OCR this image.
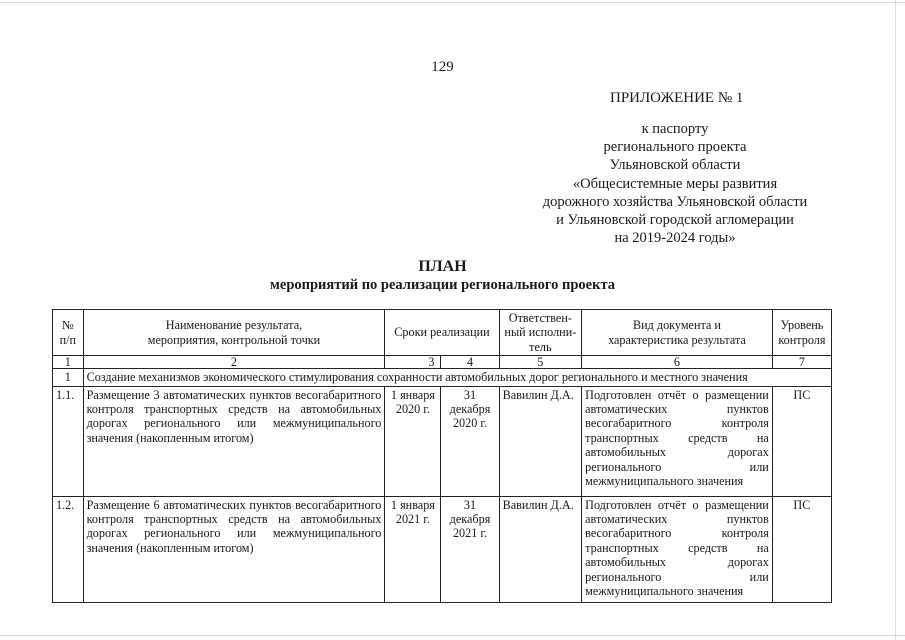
129
ПРИЛОЖЕНИЕ № 1
к паспорту
регионального проекта
Ульяновской области
«Общесистемные меры развития
дорожного хозяйства Ульяновской области
и Ульяновской городской агломерации
на 2019-2024 годы»
ПЛАН
мероприятий по реализации регионального проекта
№ п/п	Наименование результата, мероприятия, контрольной точки	Сроки реализации		Ответствен-ный исполни-тель	Вид документа и характеристика результата	Уровень контроля
1	2	3	4	5	6	7
1	Создание механизмов экономического стимулирования сохранности автомобильных дорог регионального и местного значения					
1.1.	Размещение 3 автоматических пунктов весогабаритного контроля транспортных средств на автомобильных дорогах регионального или межмуниципального значения (накопленным итогом)	1 января 2020 г.	31 декабря 2020 г.	Вавилин Д.А.	Подготовлен отчёт о размещении автоматических пунктов весогабаритного контроля транспортных средств на автомобильных дорогах регионального или межмуниципального значения	ПС
1.2.	Размещение 6 автоматических пунктов весогабаритного контроля транспортных средств на автомобильных дорогах регионального или межмуниципального значения (накопленным итогом)	1 января 2021 г.	31 декабря 2021 г.	Вавилин Д.А.	Подготовлен отчёт о размещении автоматических пунктов весогабаритного контроля транспортных средств на автомобильных дорогах регионального или межмуниципального значения	ПС
